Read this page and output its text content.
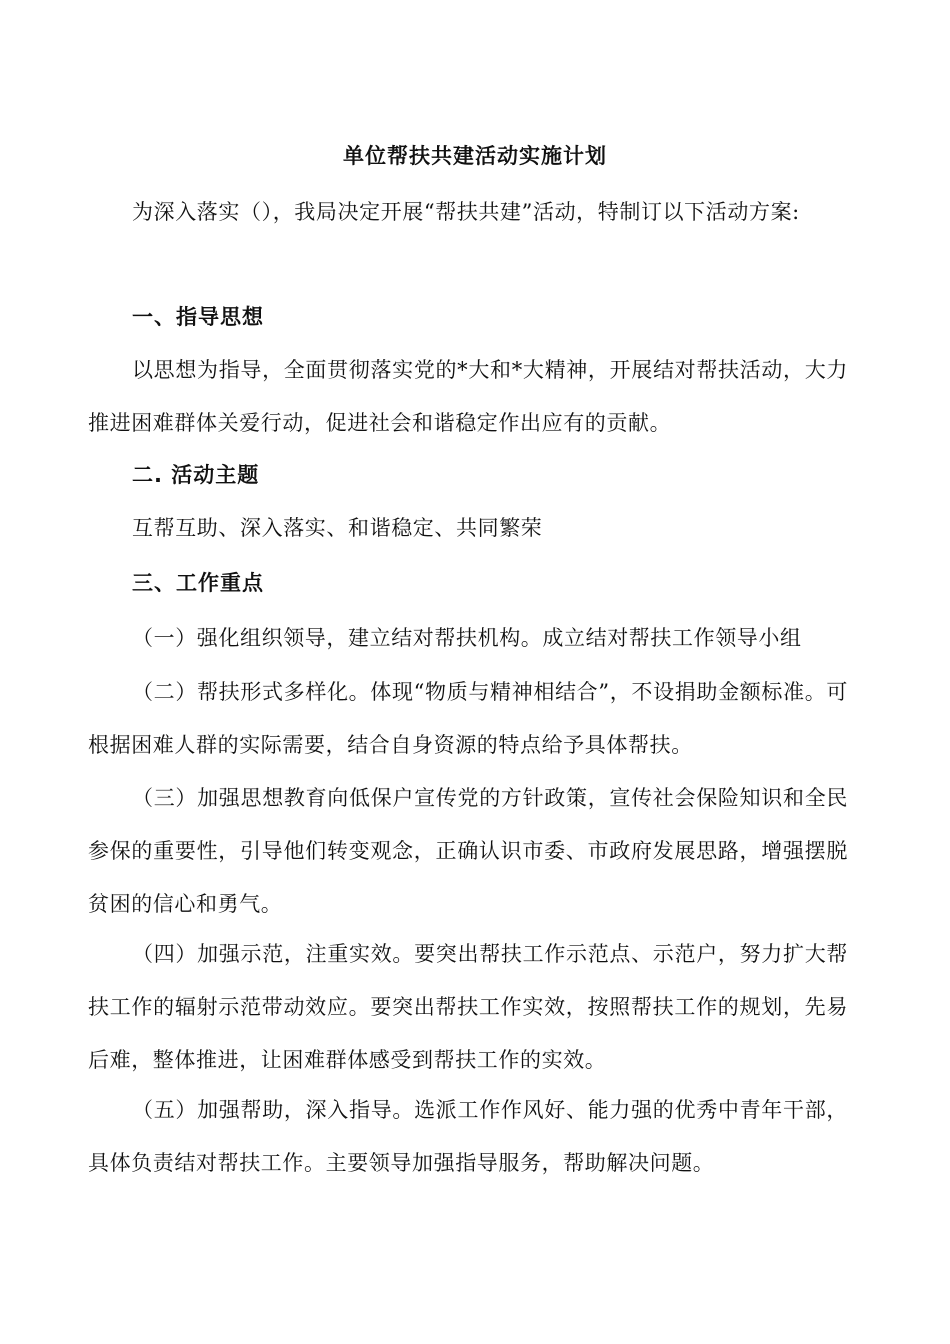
单位帮扶共建活动实施计划

为深入落实（），我局决定开展“帮扶共建”活动，特制订以下活动方案:

一、指导思想

以思想为指导，全面贯彻落实党的*大和*大精神，开展结对帮扶活动，大力推进困难群体关爱行动，促进社会和谐稳定作出应有的贡献。

二. 活动主题

互帮互助、深入落实、和谐稳定、共同繁荣

三、工作重点

（一）强化组织领导，建立结对帮扶机构。成立结对帮扶工作领导小组

（二）帮扶形式多样化。体现“物质与精神相结合”，不设捐助金额标准。可根据困难人群的实际需要，结合自身资源的特点给予具体帮扶。

（三）加强思想教育向低保户宣传党的方针政策，宣传社会保险知识和全民参保的重要性，引导他们转变观念，正确认识市委、市政府发展思路，增强摆脱贫困的信心和勇气。

（四）加强示范，注重实效。要突出帮扶工作示范点、示范户，努力扩大帮扶工作的辐射示范带动效应。要突出帮扶工作实效，按照帮扶工作的规划，先易后难，整体推进，让困难群体感受到帮扶工作的实效。

（五）加强帮助，深入指导。选派工作作风好、能力强的优秀中青年干部，具体负责结对帮扶工作。主要领导加强指导服务，帮助解决问题。
